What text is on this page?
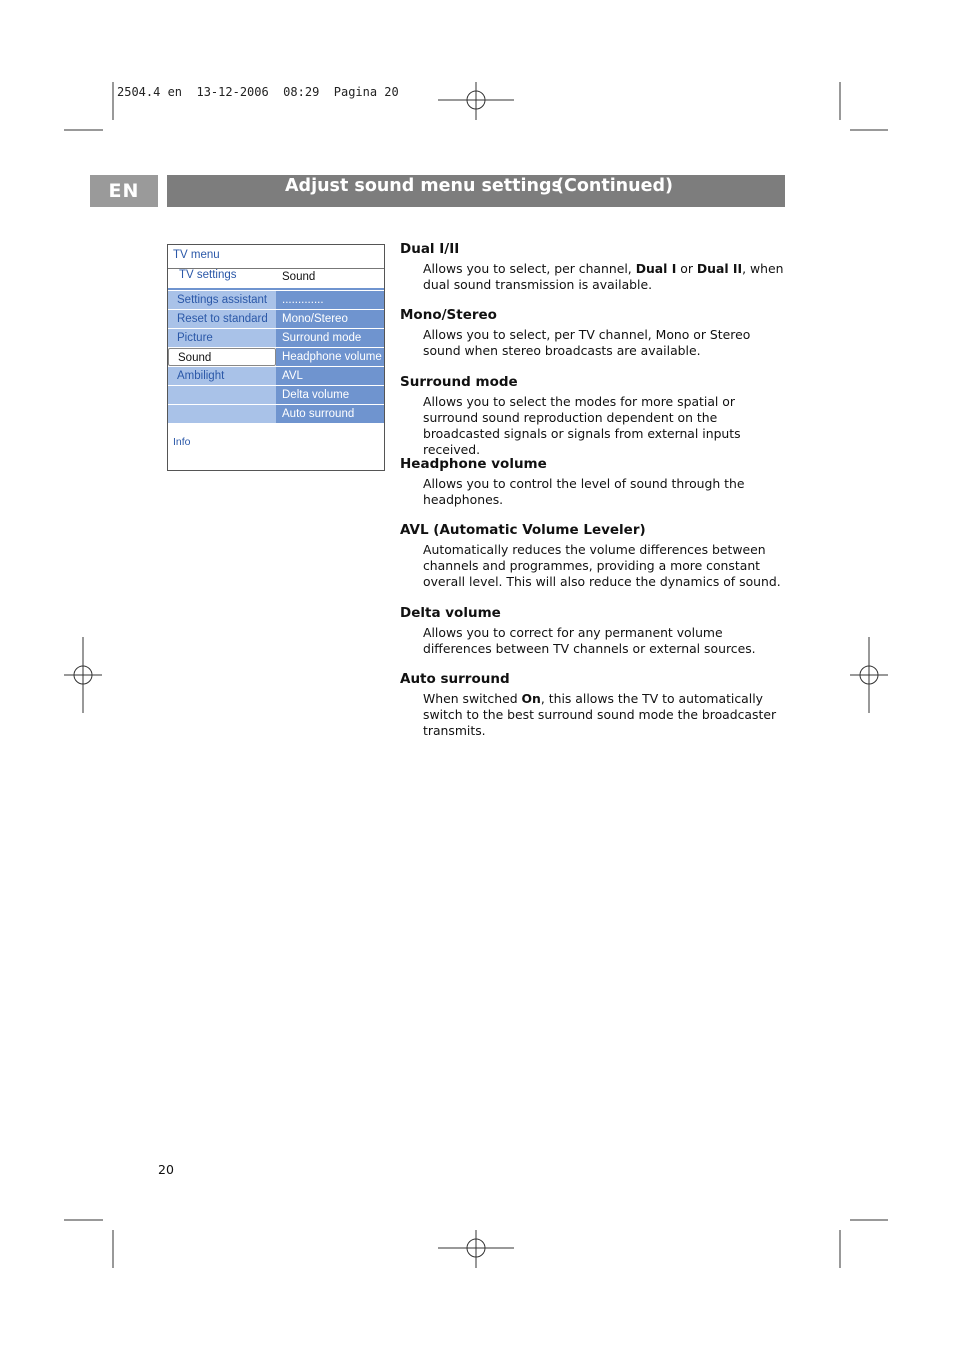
2504.4 en  13-12-2006  08:29  Pagina 20
EN	Adjust sound menu settings
(Continued)
TV menu
TV settings	Sound
Settings assistant
Reset to standard
Picture
Sound
Ambilight
.............
Mono/Stereo
Surround mode
Headphone volume
AVL
Delta volume
Auto surround
Info
Dual I/II
Allows you to select, per channel, Dual I or Dual II, when dual sound transmission is available.
Mono/Stereo
Allows you to select, per TV channel, Mono or Stereo sound when stereo broadcasts are available.
Surround mode
Allows you to select the modes for more spatial or
surround sound reproduction dependent on the
broadcasted signals or signals from external inputs received.
Headphone volume
Allows you to control the level of sound through the headphones.
AVL (Automatic Volume Leveler)
Automatically reduces the volume differences between channels and programmes, providing a more constant overall level. This will also reduce the dynamics of sound.
Delta volume
Allows you to correct for any permanent volume differences between TV channels or external sources.
Auto surround
When switched On, this allows the TV to automatically
switch to the best surround sound mode the broadcaster
transmits.
20
